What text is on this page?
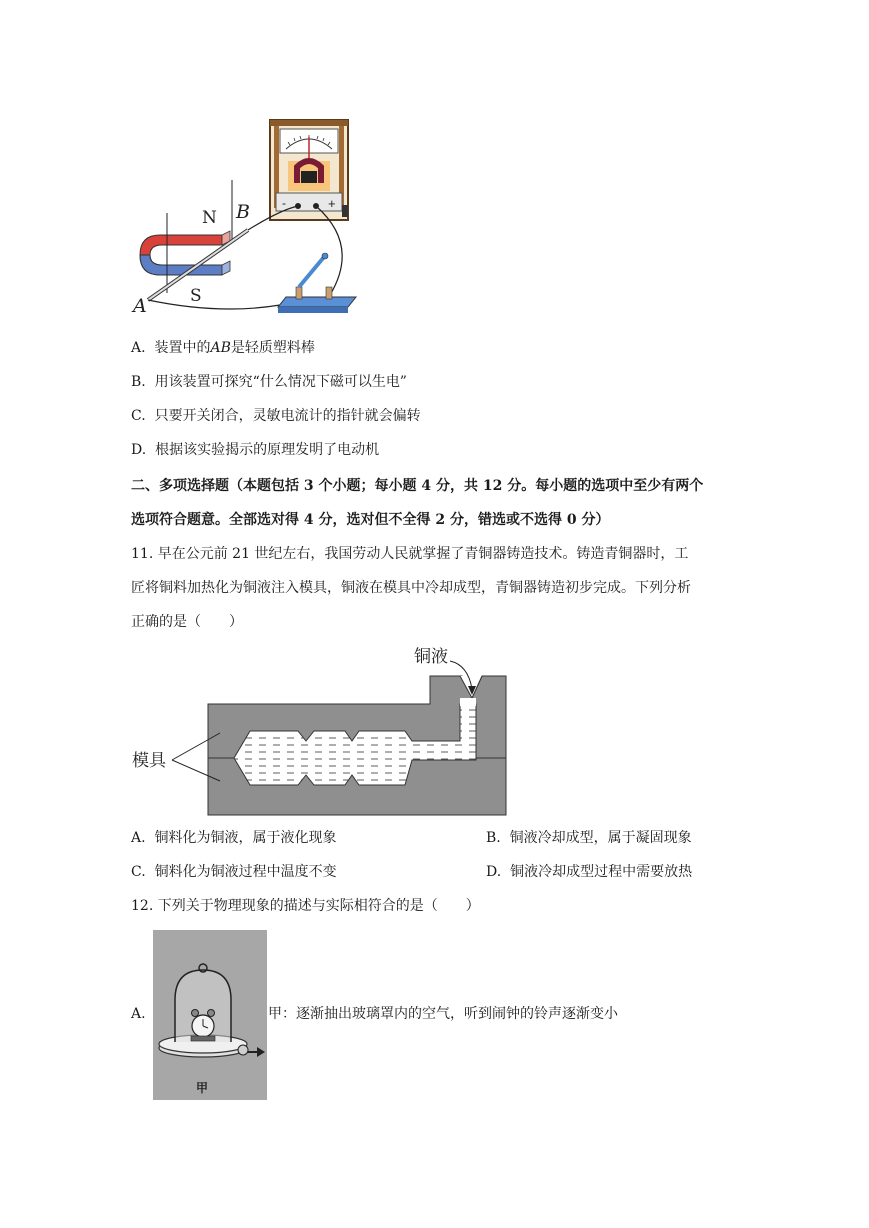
-	+
N B
S
A
A. 装置中的AB是轻质塑料棒
B. 用该装置可探究“什么情况下磁可以生电”
C. 只要开关闭合，灵敏电流计的指针就会偏转
D. 根据该实验揭示的原理发明了电动机
二、多项选择题（本题包括 3 个小题；每小题 4 分，共 12 分。每小题的选项中至少有两个
选项符合题意。全部选对得 4 分，选对但不全得 2 分，错选或不选得 0 分）
11. 早在公元前 21 世纪左右，我国劳动人民就掌握了青铜器铸造技术。铸造青铜器时，工
匠将铜料加热化为铜液注入模具，铜液在模具中冷却成型，青铜器铸造初步完成。下列分析
正确的是（　　）
铜液
模具
A. 铜料化为铜液，属于液化现象	B. 铜液冷却成型，属于凝固现象
C. 铜料化为铜液过程中温度不变	D. 铜液冷却成型过程中需要放热
12. 下列关于物理现象的描述与实际相符合的是（　　）
A.
甲
甲：逐渐抽出玻璃罩内的空气，听到闹钟的铃声逐渐变小
